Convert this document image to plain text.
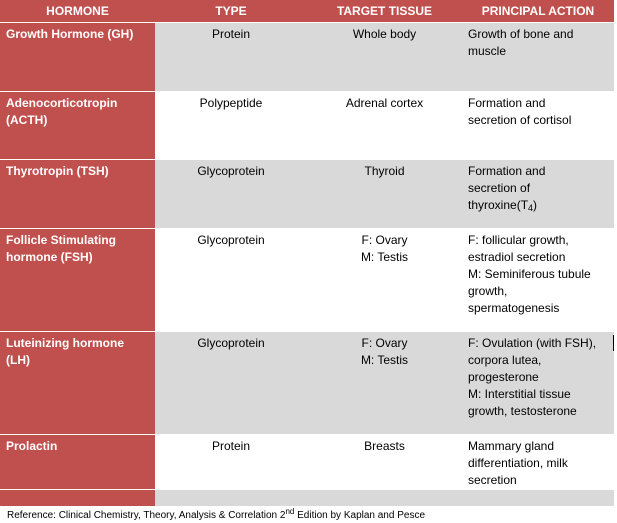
HORMONE	TYPE	TARGET TISSUE	PRINCIPAL ACTION
Growth Hormone (GH)	Protein	Whole body	Growth of bone and
muscle

Adenocorticotropin (ACTH)	Polypeptide	Adrenal cortex	Formation and
secretion of cortisol

Thyrotropin (TSH)	Glycoprotein	Thyroid	Formation and
secretion of
$thyroxine(T_4)$

Follicle Stimulating hormone (FSH)	Glycoprotein	F: Ovary
M: Testis	F: follicular growth,
estradiol secretion
M: Seminiferous tubule
growth,
spermatogenesis

Luteinizing hormone (LH)	Glycoprotein	F: Ovary
M: Testis	F: Ovulation (with FSH),
corpora lutea,
progesterone
M: Interstitial tissue
growth, testosterone

Prolactin	Protein	Breasts	Mammary gland
differentiation, milk
secretion

Reference: Clinical Chemistry, Theory, Analysis & Correlation 2nd Edition by Kaplan and Pesce
